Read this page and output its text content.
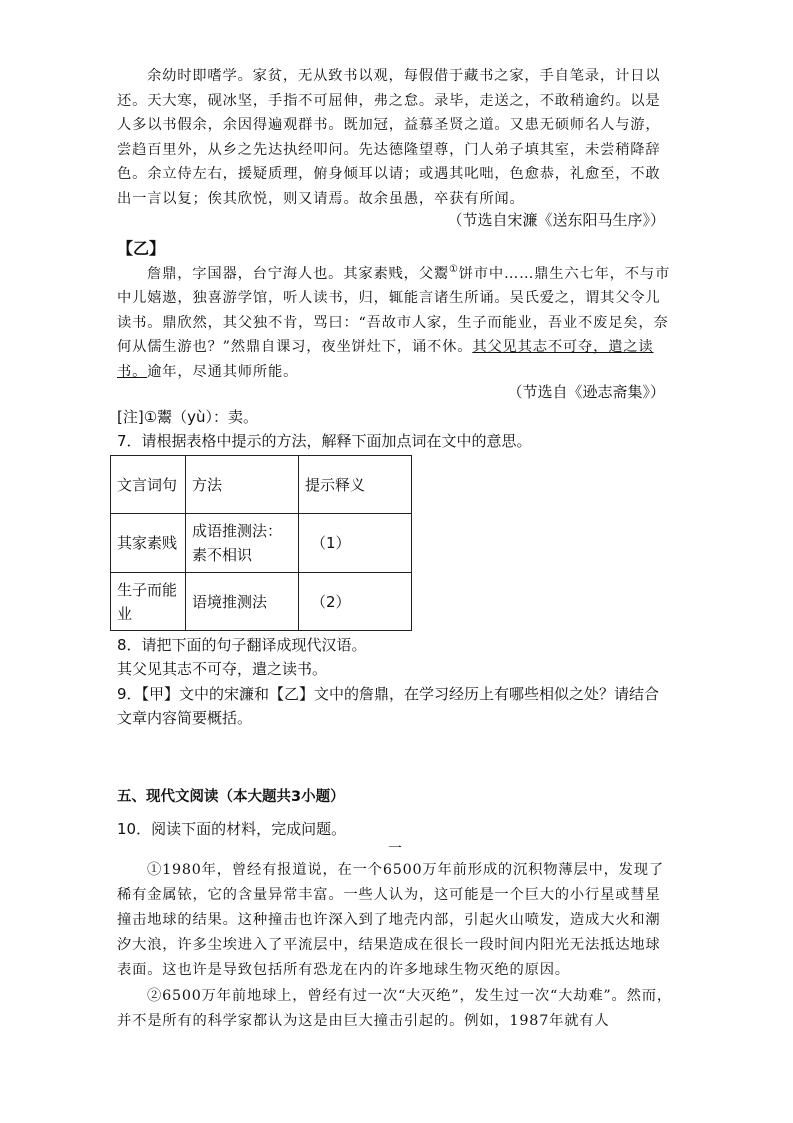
余幼时即嗜学。家贫，无从致书以观，每假借于藏书之家，手自笔录，计日以还。天大寒，砚冰坚，手指不可屈伸，弗之怠。录毕，走送之，不敢稍逾约。以是人多以书假余，余因得遍观群书。既加冠，益慕圣贤之道。又患无硕师名人与游，尝趋百里外，从乡之先达执经叩问。先达德隆望尊，门人弟子填其室，未尝稍降辞色。余立侍左右，援疑质理，俯身倾耳以请；或遇其叱咄，色愈恭，礼愈至，不敢出一言以复；俟其欣悦，则又请焉。故余虽愚，卒获有所闻。

（节选自宋濂《送东阳马生序》）
【乙】

詹鼎，字国器，台宁海人也。其家素贱，父鬻①饼市中……鼎生六七年，不与市中儿嬉遨，独喜游学馆，听人读书，归，辄能言诸生所诵。吴氏爱之，谓其父令儿读书。鼎欣然，其父独不肯，骂曰：“吾故市人家，生子而能业，吾业不废足矣，奈何从儒生游也？”然鼎自课习，夜坐饼灶下，诵不休。其父见其志不可夺，遣之读书。逾年，尽通其师所能。

（节选自《逊志斋集》）
[注]①鬻（yù）：卖。
7．请根据表格中提示的方法，解释下面加点词在文中的意思。
文言词句	方法	提示释义
其家素贱	成语推测法：素不相识	（1）
生子而能业	语境推测法	（2）
8．请把下面的句子翻译成现代汉语。
其父见其志不可夺，遣之读书。

9．【甲】文中的宋濂和【乙】文中的詹鼎，在学习经历上有哪些相似之处？请结合文章内容简要概括。

五、现代文阅读（本大题共3小题）
10．阅读下面的材料，完成问题。
一

①1980年，曾经有报道说，在一个6500万年前形成的沉积物薄层中，发现了稀有金属铱，它的含量异常丰富。一些人认为，这可能是一个巨大的小行星或彗星撞击地球的结果。这种撞击也许深入到了地壳内部，引起火山喷发，造成大火和潮汐大浪，许多尘埃进入了平流层中，结果造成在很长一段时间内阳光无法抵达地球表面。这也许是导致包括所有恐龙在内的许多地球生物灭绝的原因。

②6500万年前地球上，曾经有过一次“大灭绝”，发生过一次“大劫难”。然而，并不是所有的科学家都认为这是由巨大撞击引起的。例如，1987年就有人
